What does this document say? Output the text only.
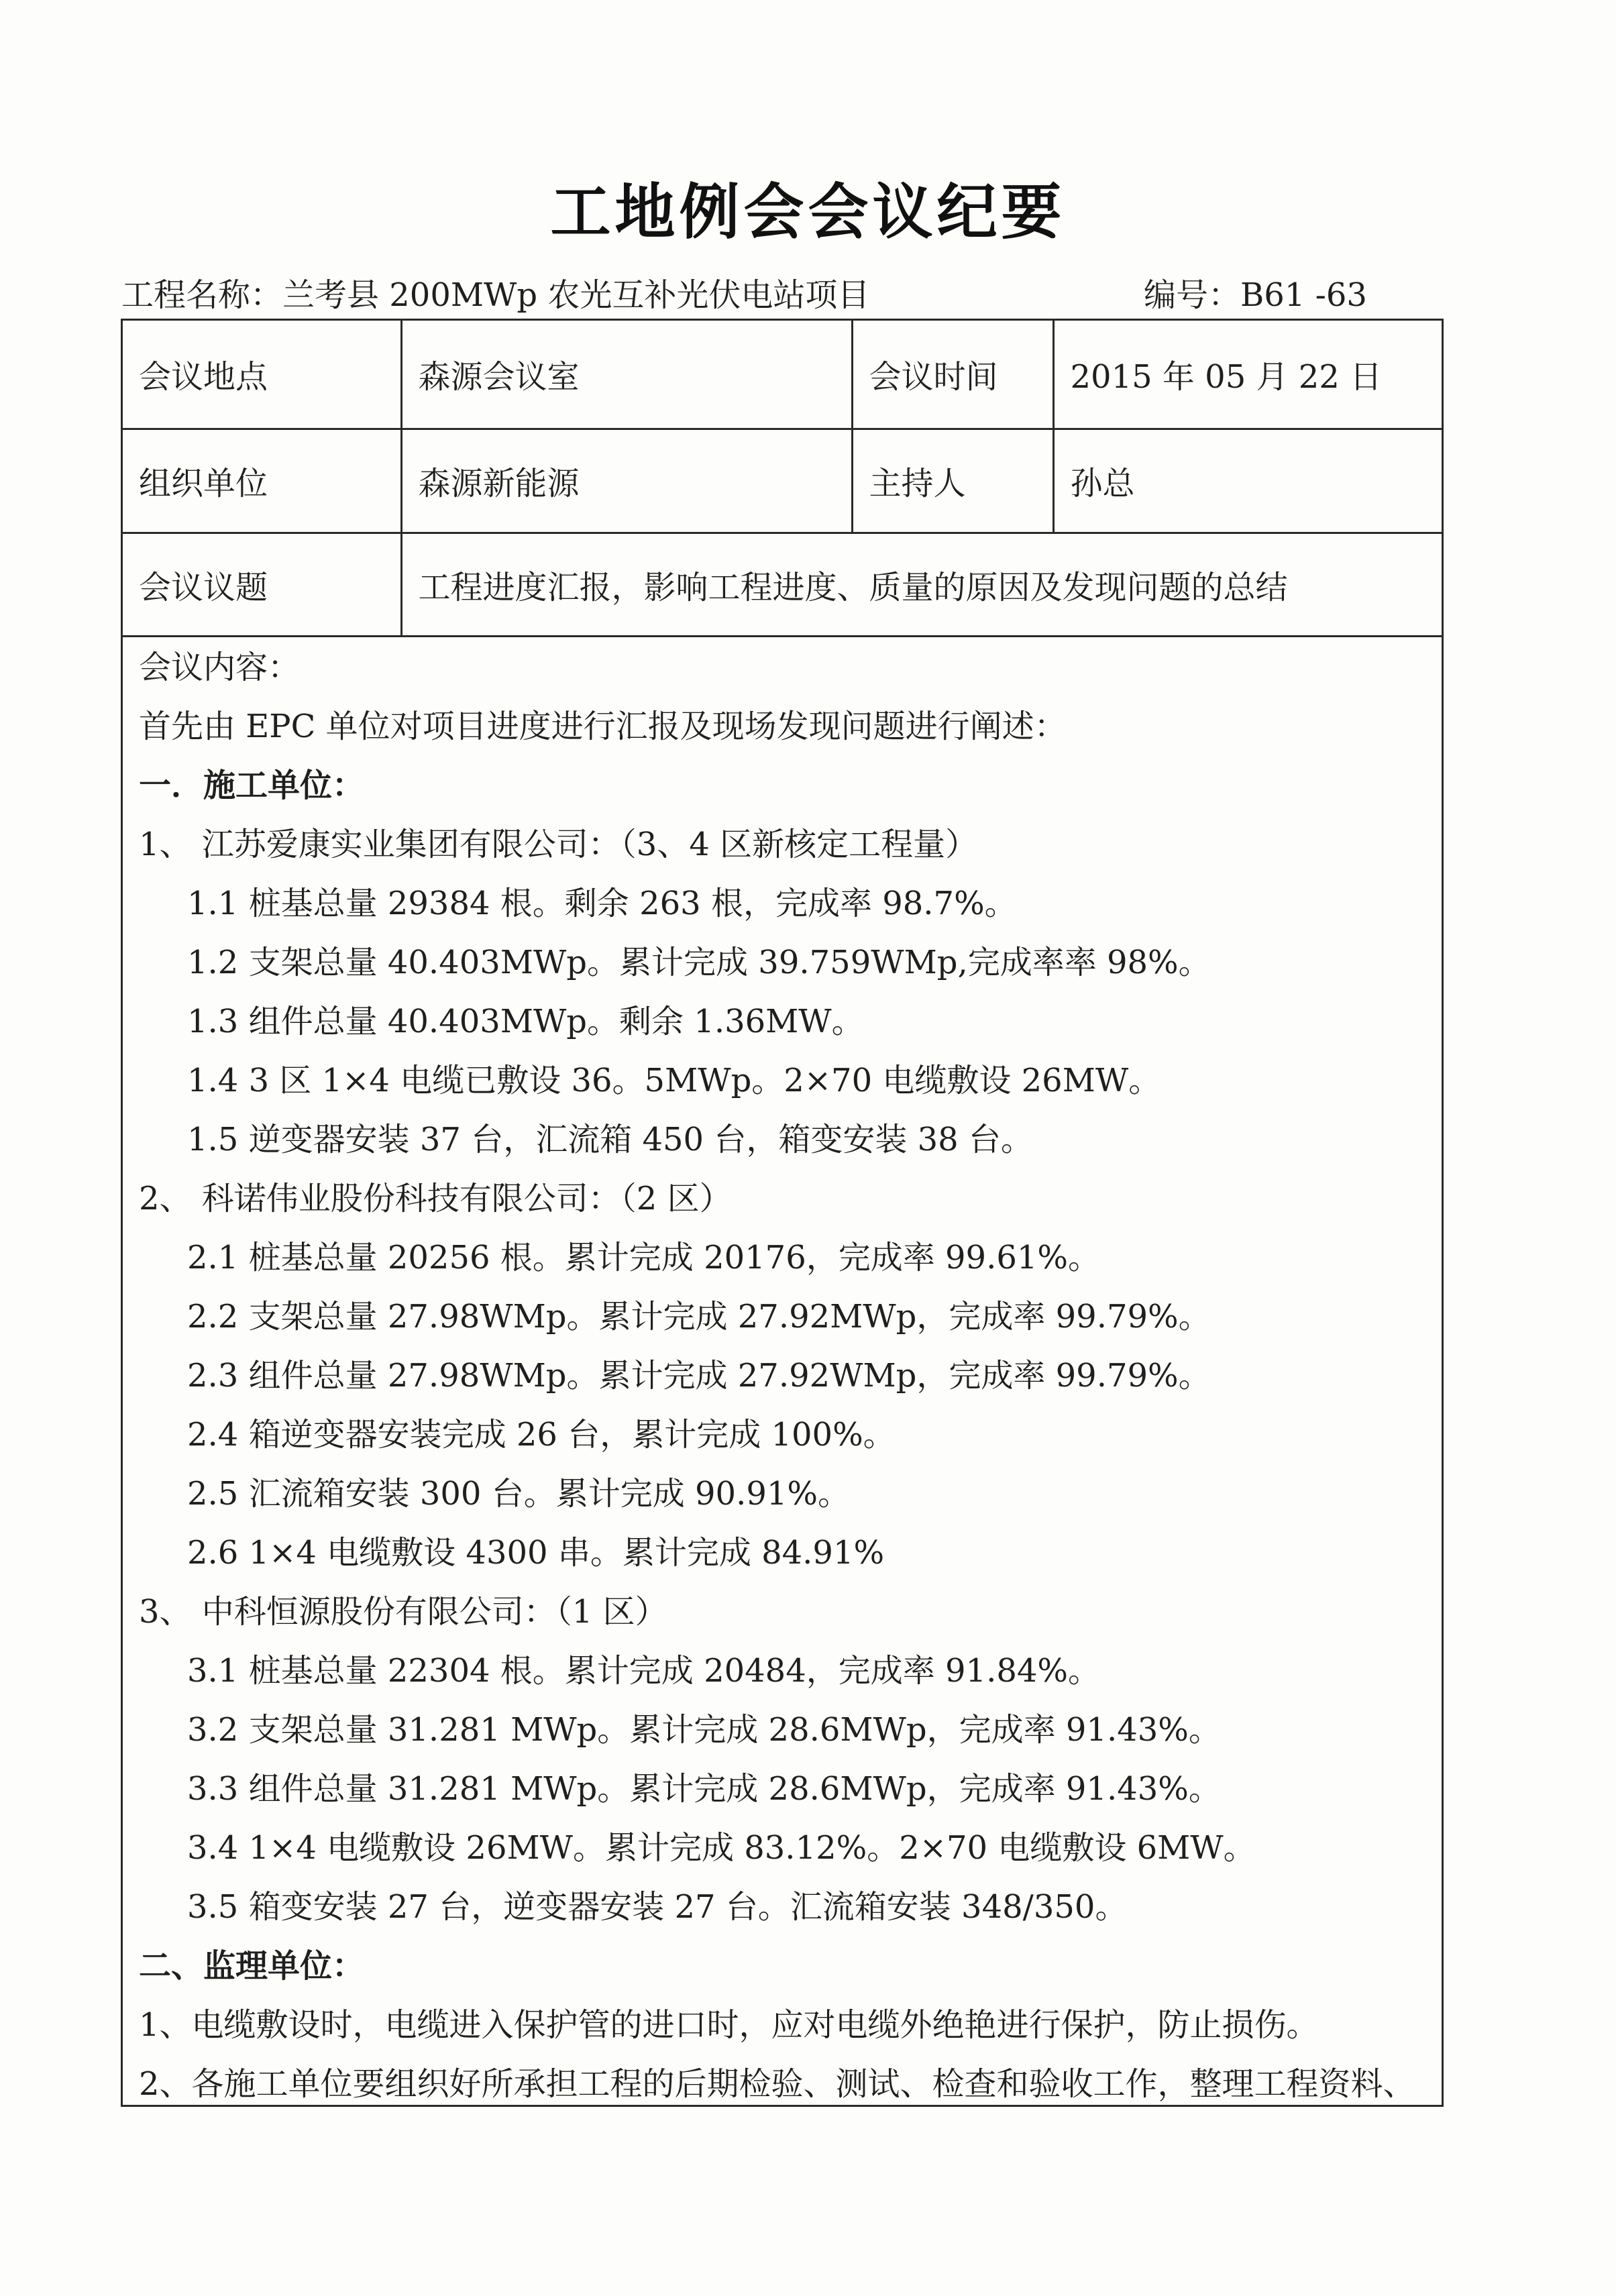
工地例会会议纪要
工程名称：兰考县 200MWp 农光互补光伏电站项目	编号：B61 -63
会议地点	森源会议室	会议时间	2015 年 05 月 22 日
组织单位	森源新能源	主持人	孙总
会议议题	工程进度汇报，影响工程进度、质量的原因及发现问题的总结		
会议内容：
首先由 EPC 单位对项目进度进行汇报及现场发现问题进行阐述：
一．施工单位：
1、 江苏爱康实业集团有限公司：（3、4 区新核定工程量）
1.1 桩基总量 29384 根。剩余 263 根，完成率 98.7%。
1.2 支架总量 40.403MWp。累计完成 39.759WMp,完成率率 98%。
1.3 组件总量 40.403MWp。剩余 1.36MW。
1.4 3 区 1×4 电缆已敷设 36。5MWp。2×70 电缆敷设 26MW。
1.5 逆变器安装 37 台，汇流箱 450 台，箱变安装 38 台。
2、 科诺伟业股份科技有限公司：（2 区）
2.1 桩基总量 20256 根。累计完成 20176，完成率 99.61%。
2.2 支架总量 27.98WMp。累计完成 27.92MWp，完成率 99.79%。
2.3 组件总量 27.98WMp。累计完成 27.92WMp，完成率 99.79%。
2.4 箱逆变器安装完成 26 台，累计完成 100%。
2.5 汇流箱安装 300 台。累计完成 90.91%。
2.6 1×4 电缆敷设 4300 串。累计完成 84.91%
3、 中科恒源股份有限公司：（1 区）
3.1 桩基总量 22304 根。累计完成 20484，完成率 91.84%。
3.2 支架总量 31.281 MWp。累计完成 28.6MWp，完成率 91.43%。
3.3 组件总量 31.281 MWp。累计完成 28.6MWp，完成率 91.43%。
3.4 1×4 电缆敷设 26MW。累计完成 83.12%。2×70 电缆敷设 6MW。
3.5 箱变安装 27 台，逆变器安装 27 台。汇流箱安装 348/350。
二、监理单位：
1、电缆敷设时，电缆进入保护管的进口时，应对电缆外绝艳进行保护，防止损伤。
2、各施工单位要组织好所承担工程的后期检验、测试、检查和验收工作，整理工程资料、
